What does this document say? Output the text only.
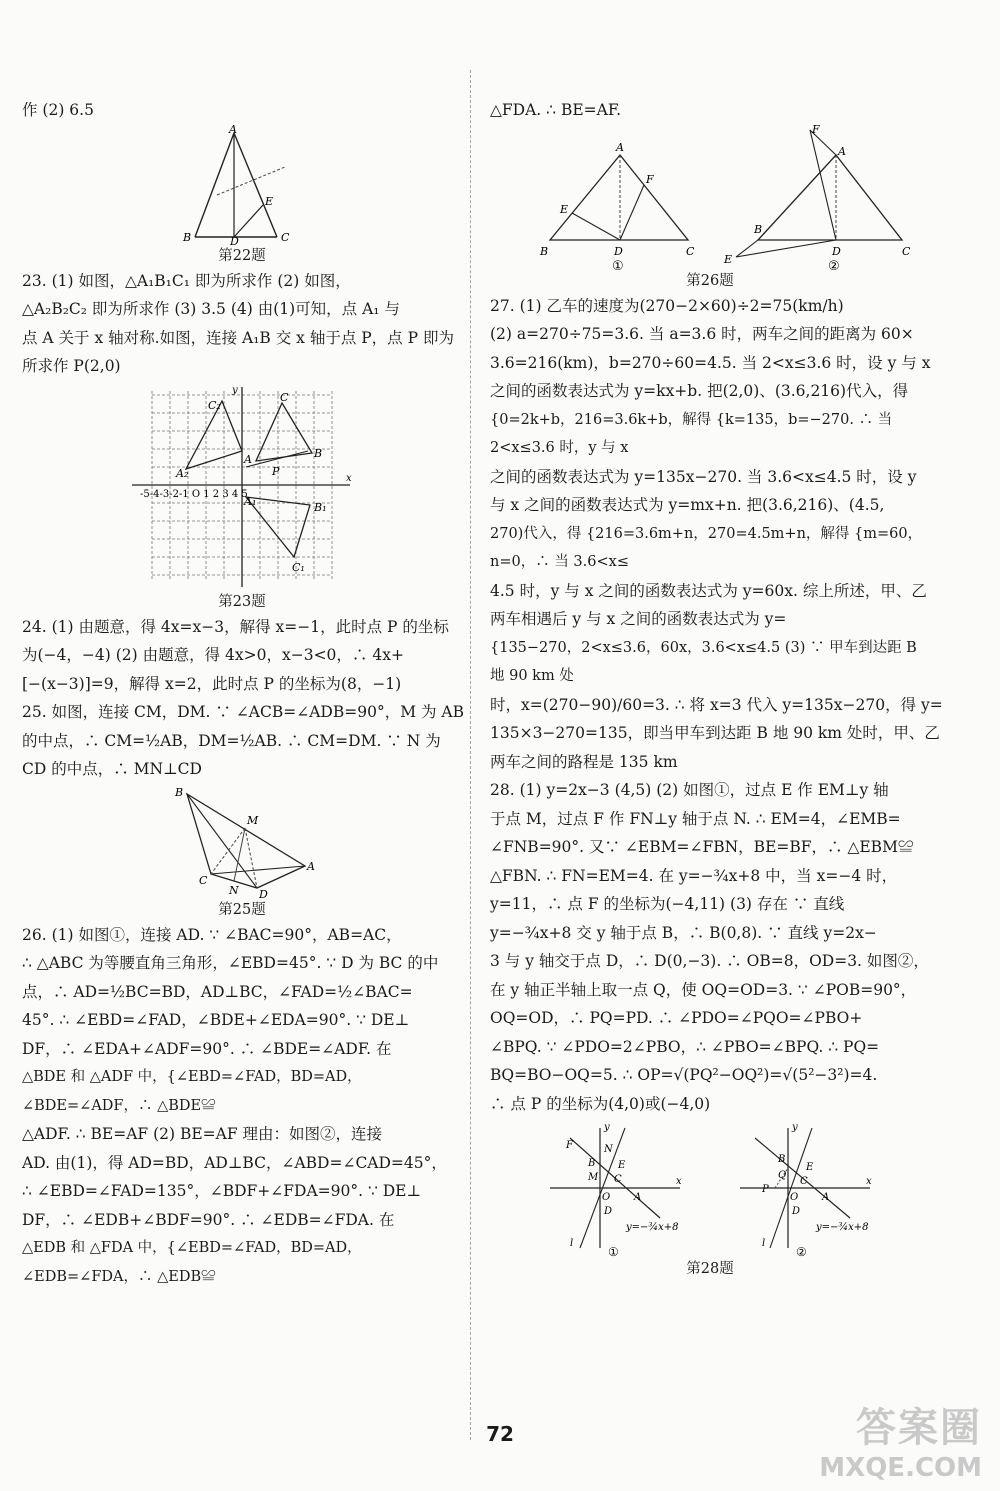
作 (2) 6.5
A
B	C
D
E
第22题
23. (1) 如图，△A₁B₁C₁ 即为所求作 (2) 如图，
△A₂B₂C₂ 即为所求作 (3) 3.5 (4) 由(1)可知，点 A₁ 与
点 A 关于 x 轴对称.如图，连接 A₁B 交 x 轴于点 P，点 P 即为
所求作 P(2,0)
x
y
-5-4-3-2-1 O 1 2 3 4 5
C₂
C
A₂
B
B₁
C₁
A
A₁
P
第23题
24. (1) 由题意，得 4x=x−3，解得 x=−1，此时点 P 的坐标
为(−4，−4) (2) 由题意，得 4x>0，x−3<0，∴ 4x+
[−(x−3)]=9，解得 x=2，此时点 P 的坐标为(8，−1)
25. 如图，连接 CM，DM. ∵ ∠ACB=∠ADB=90°，M 为 AB
的中点，∴ CM=½AB，DM=½AB. ∴ CM=DM. ∵ N 为
CD 的中点，∴ MN⊥CD
B
M
A
C
N D
第25题
26. (1) 如图①，连接 AD. ∵ ∠BAC=90°，AB=AC，
∴ △ABC 为等腰直角三角形，∠EBD=45°. ∵ D 为 BC 的中
点，∴ AD=½BC=BD，AD⊥BC，∠FAD=½∠BAC=
45°. ∴ ∠EBD=∠FAD，∠BDE+∠EDA=90°. ∵ DE⊥
DF，∴ ∠EDA+∠ADF=90°. ∴ ∠BDE=∠ADF. 在
△BDE 和 △ADF 中，{∠EBD=∠FAD，BD=AD，∠BDE=∠ADF，∴ △BDE≌
△ADF. ∴ BE=AF (2) BE=AF 理由：如图②，连接
AD. 由(1)，得 AD=BD，AD⊥BC，∠ABD=∠CAD=45°，
∴ ∠EBD=∠FAD=135°，∠BDF+∠FDA=90°. ∵ DE⊥
DF，∴ ∠EDB+∠BDF=90°. ∴ ∠EDB=∠FDA. 在
△EDB 和 △FDA 中，{∠EBD=∠FAD，BD=AD，∠EDB=∠FDA，∴ △EDB≌
△FDA. ∴ BE=AF.
A
B	D	C
E
F
①
A
B
D	C
E
F
②
第26题
27. (1) 乙车的速度为(270−2×60)÷2=75(km/h)
(2) a=270÷75=3.6. 当 a=3.6 时，两车之间的距离为 60×
3.6=216(km)，b=270÷60=4.5. 当 2<x≤3.6 时，设 y 与 x
之间的函数表达式为 y=kx+b. 把(2,0)、(3.6,216)代入，得
{0=2k+b，216=3.6k+b，解得 {k=135，b=−270. ∴ 当 2<x≤3.6 时，y 与 x
之间的函数表达式为 y=135x−270. 当 3.6<x≤4.5 时，设 y
与 x 之间的函数表达式为 y=mx+n. 把(3.6,216)、(4.5,
270)代入，得 {216=3.6m+n，270=4.5m+n，解得 {m=60，n=0，∴ 当 3.6<x≤
4.5 时，y 与 x 之间的函数表达式为 y=60x. 综上所述，甲、乙
两车相遇后 y 与 x 之间的函数表达式为 y=
{135−270，2<x≤3.6，60x，3.6<x≤4.5 (3) ∵ 甲车到达距 B 地 90 km 处
时，x=(270−90)/60=3. ∴ 将 x=3 代入 y=135x−270，得 y=
135×3−270=135，即当甲车到达距 B 地 90 km 处时，甲、乙
两车之间的路程是 135 km
28. (1) y=2x−3 (4,5) (2) 如图①，过点 E 作 EM⊥y 轴
于点 M，过点 F 作 FN⊥y 轴于点 N. ∴ EM=4，∠EMB=
∠FNB=90°. 又∵ ∠EBM=∠FBN，BE=BF，∴ △EBM≌
△FBN. ∴ FN=EM=4. 在 y=−¾x+8 中，当 x=−4 时，
y=11，∴ 点 F 的坐标为(−4,11) (3) 存在 ∵ 直线
y=−¾x+8 交 y 轴于点 B，∴ B(0,8). ∵ 直线 y=2x−
3 与 y 轴交于点 D，∴ D(0,−3). ∴ OB=8，OD=3. 如图②，
在 y 轴正半轴上取一点 Q，使 OQ=OD=3. ∵ ∠POB=90°，
OQ=OD，∴ PQ=PD. ∴ ∠PDO=∠PQO=∠PBO+
∠BPQ. ∵ ∠PDO=2∠PBO，∴ ∠PBO=∠BPQ. ∴ PQ=
BQ=BO−OQ=5. ∴ OP=√(PQ²−OQ²)=√(5²−3²)=4.
∴ 点 P 的坐标为(4,0)或(−4,0)
y
x
F	N
B E
M C
O
D
A
l
y=−¾x+8
①
y
x
B
E
P
Q
C
O
D
A
l
y=−¾x+8
②
第28题
72	答案圈
MXQE.COM
